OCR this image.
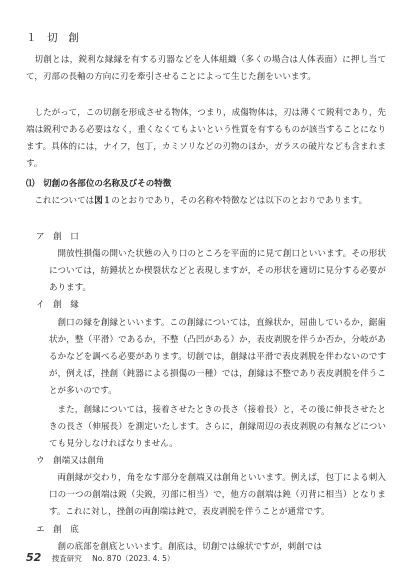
１　切　創

切創とは，鋭利な縁縁を有する刃器などを人体組織（多くの場合は人体表面）に押し当てて，刃部の長軸の方向に刃を牽引させることによって生じた創をいいます。

したがって，この切創を形成させる物体，つまり，成傷物体は，刃は薄くて鋭利であり，先端は鋭利である必要はなく，重くなくてもよいという性質を有するものが該当することになります。具体的には，ナイフ，包丁，カミソリなどの刃物のほか，ガラスの破片なども含まれます。

⑴　切創の各部位の名称及びその特徴

これについては図１のとおりであり，その名称や特徴などは以下のとおりであります。

ア　創　口

開放性損傷の開いた状態の入り口のところを平面的に見て創口といいます。その形状については，紡錘状とか楔裂状などと表現しますが，その形状を適切に見分する必要があります。

イ　創　縁

創口の縁を創縁といいます。この創縁については，直線状か，屈曲しているか，鋸歯状か，整（平滑）であるか，不整（凸凹がある）か，表皮剥脱を伴うか否か，分岐があるかなどを調べる必要があります。切創では，創縁は平滑で表皮剥脱を伴わないのですが，例えば，挫創（鈍器による損傷の一種）では，創縁は不整であり表皮剥脱を伴うことが多いのです。

また，創縁については，接着させたときの長さ（接着長）と，その後に伸長させたときの長さ（伸展長）を測定いたします。さらに，創縁周辺の表皮剥脱の有無などについても見分しなければなりません。

ウ　創端又は創角

両創縁が交わり，角をなす部分を創端又は創角といいます。例えば，包丁による刺入口の一つの創端は鋭（尖鋭，刃部に相当）で，他方の創端は鈍（刃背に相当）となります。これに対し，挫創の両創端は鈍で，表皮剥脱を伴うことが通常です。

エ　創　底

創の底部を創底といいます。創底は，切創では線状ですが，刺創では

52 捜査研究 No. 870（2023. 4. 5）
